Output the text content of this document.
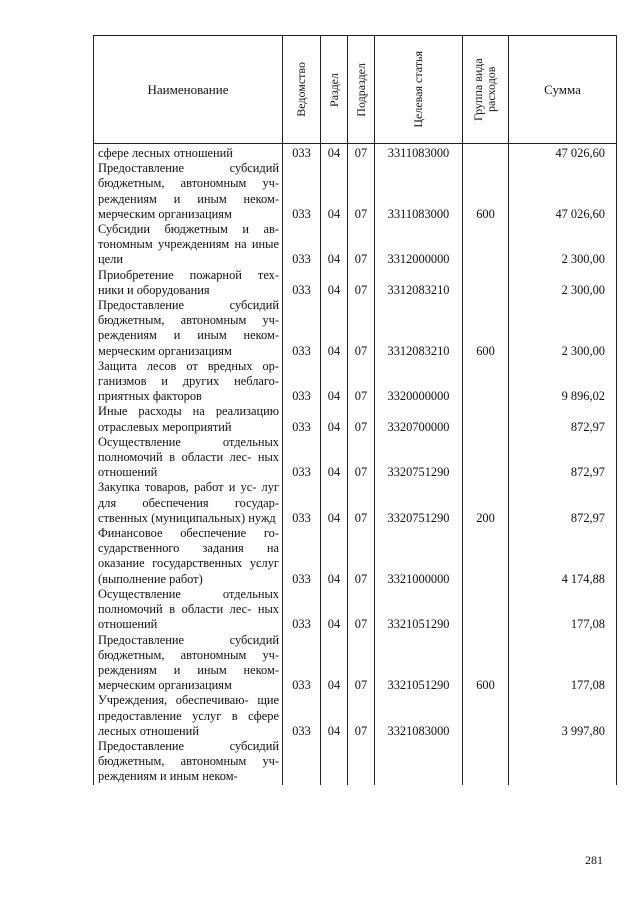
Наименование	Ведомство	Раздел	Подраздел	Целевая статья	Группа вида расходов	Сумма
сфере лесных отношений	033	04	07	3311083000		47 026,60
Предоставление субсидий бюджетным, автономным уч- реждениям и иным неком- мерческим организациям	033	04	07	3311083000	600	47 026,60
Субсидии бюджетным и ав- тономным учреждениям на иные цели	033	04	07	3312000000		2 300,00
Приобретение пожарной тех- ники и оборудования	033	04	07	3312083210		2 300,00
Предоставление субсидий бюджетным, автономным уч- реждениям и иным неком- мерческим организациям	033	04	07	3312083210	600	2 300,00
Защита лесов от вредных ор- ганизмов и других неблаго- приятных факторов	033	04	07	3320000000		9 896,02
Иные расходы на реализацию отраслевых мероприятий	033	04	07	3320700000		872,97
Осуществление отдельных полномочий в области лес- ных отношений	033	04	07	3320751290		872,97
Закупка товаров, работ и ус- луг для обеспечения государ- ственных (муниципальных) нужд	033	04	07	3320751290	200	872,97
Финансовое обеспечение го- сударственного задания на оказание государственных услуг (выполнение работ)	033	04	07	3321000000		4 174,88
Осуществление отдельных полномочий в области лес- ных отношений	033	04	07	3321051290		177,08
Предоставление субсидий бюджетным, автономным уч- реждениям и иным неком- мерческим организациям	033	04	07	3321051290	600	177,08
Учреждения, обеспечиваю- щие предоставление услуг в сфере лесных отношений	033	04	07	3321083000		3 997,80
Предоставление субсидий бюджетным, автономным уч- реждениям и иным неком-						
281
